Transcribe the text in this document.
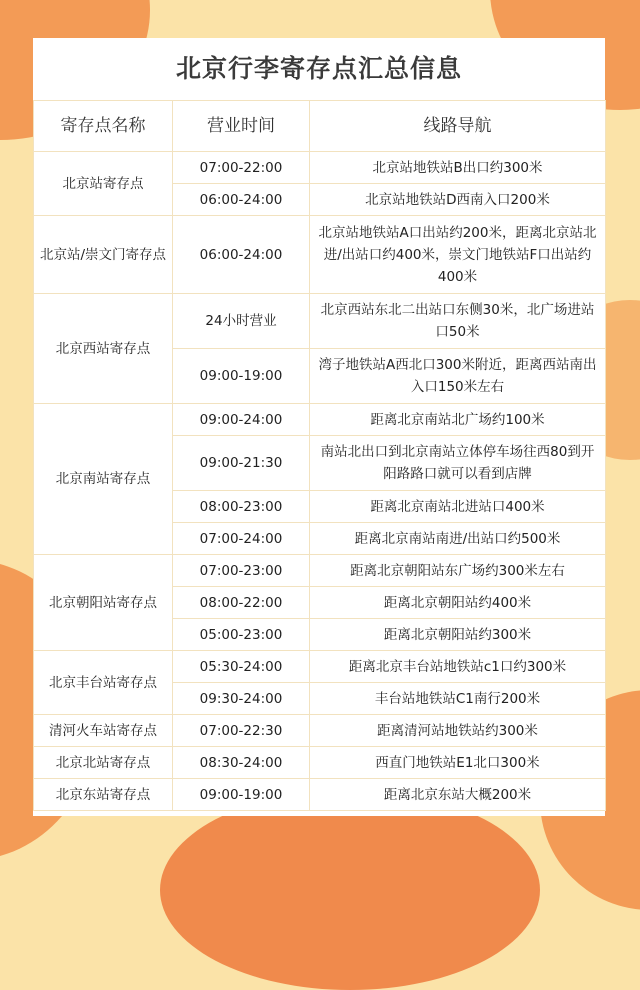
北京行李寄存点汇总信息
寄存点名称	营业时间	线路导航
北京站寄存点	07:00-22:00	北京站地铁站B出口约300米
	06:00-24:00	北京站地铁站D西南入口200米
北京站/崇文门寄存点	06:00-24:00	北京站地铁站A口出站约200米，距离北京站北进/出站口约400米，崇文门地铁站F口出站约400米
北京西站寄存点	24小时营业	北京西站东北二出站口东侧30米，北广场进站口50米
	09:00-19:00	湾子地铁站A西北口300米附近，距离西站南出入口150米左右
北京南站寄存点	09:00-24:00	距离北京南站北广场约100米
	09:00-21:30	南站北出口到北京南站立体停车场往西80到开阳路路口就可以看到店牌
	08:00-23:00	距离北京南站北进站口400米
	07:00-24:00	距离北京南站南进/出站口约500米
北京朝阳站寄存点	07:00-23:00	距离北京朝阳站东广场约300米左右
	08:00-22:00	距离北京朝阳站约400米
	05:00-23:00	距离北京朝阳站约300米
北京丰台站寄存点	05:30-24:00	距离北京丰台站地铁站c1口约300米
	09:30-24:00	丰台站地铁站C1南行200米
清河火车站寄存点	07:00-22:30	距离清河站地铁站约300米
北京北站寄存点	08:30-24:00	西直门地铁站E1北口300米
北京东站寄存点	09:00-19:00	距离北京东站大概200米
